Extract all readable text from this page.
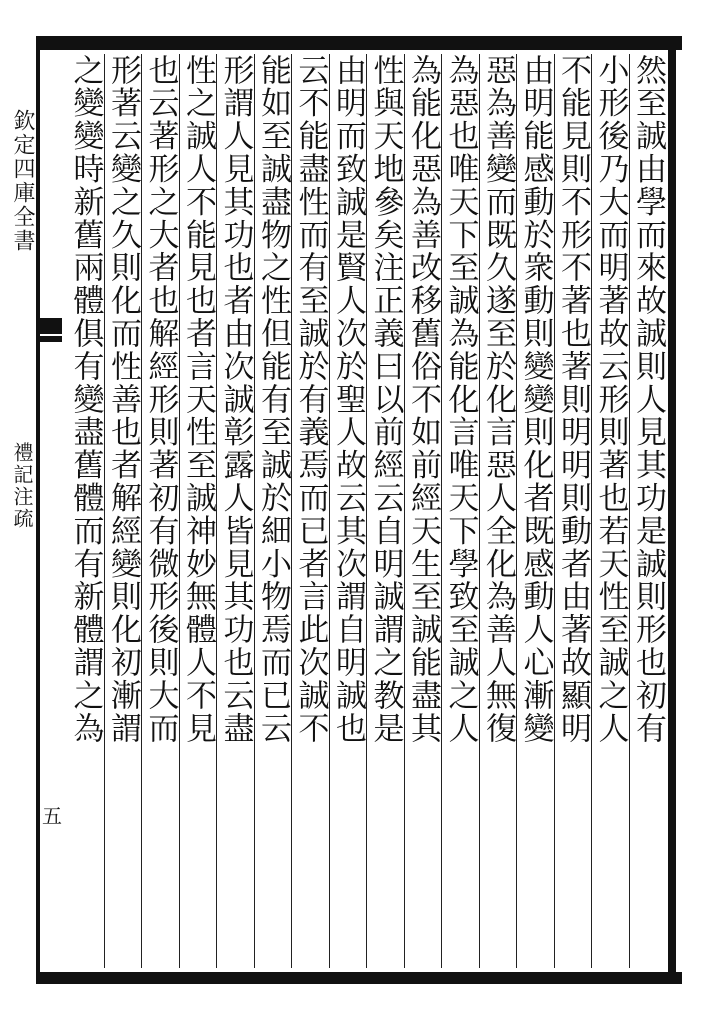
欽定四庫全書
禮記注疏
五
然至誠由學而來故誠則人見其功是誠則形也初有
小形後乃大而明著故云形則著也若天性至誠之人
不能見則不形不著也著則明明則動者由著故顯明
由明能感動於衆動則變變則化者既感動人心漸變
惡為善變而既久遂至於化言惡人全化為善人無復
為惡也唯天下至誠為能化言唯天下學致至誠之人
為能化惡為善改移舊俗不如前經天生至誠能盡其
性與天地參矣注正義曰以前經云自明誠謂之教是
由明而致誠是賢人次於聖人故云其次謂自明誠也
云不能盡性而有至誠於有義焉而已者言此次誠不
能如至誠盡物之性但能有至誠於細小物焉而已云
形謂人見其功也者由次誠彰露人皆見其功也云盡
性之誠人不能見也者言天性至誠神妙無體人不見
也云著形之大者也解經形則著初有微形後則大而
形著云變之久則化而性善也者解經變則化初漸謂
之變變時新舊兩體俱有變盡舊體而有新體謂之為
